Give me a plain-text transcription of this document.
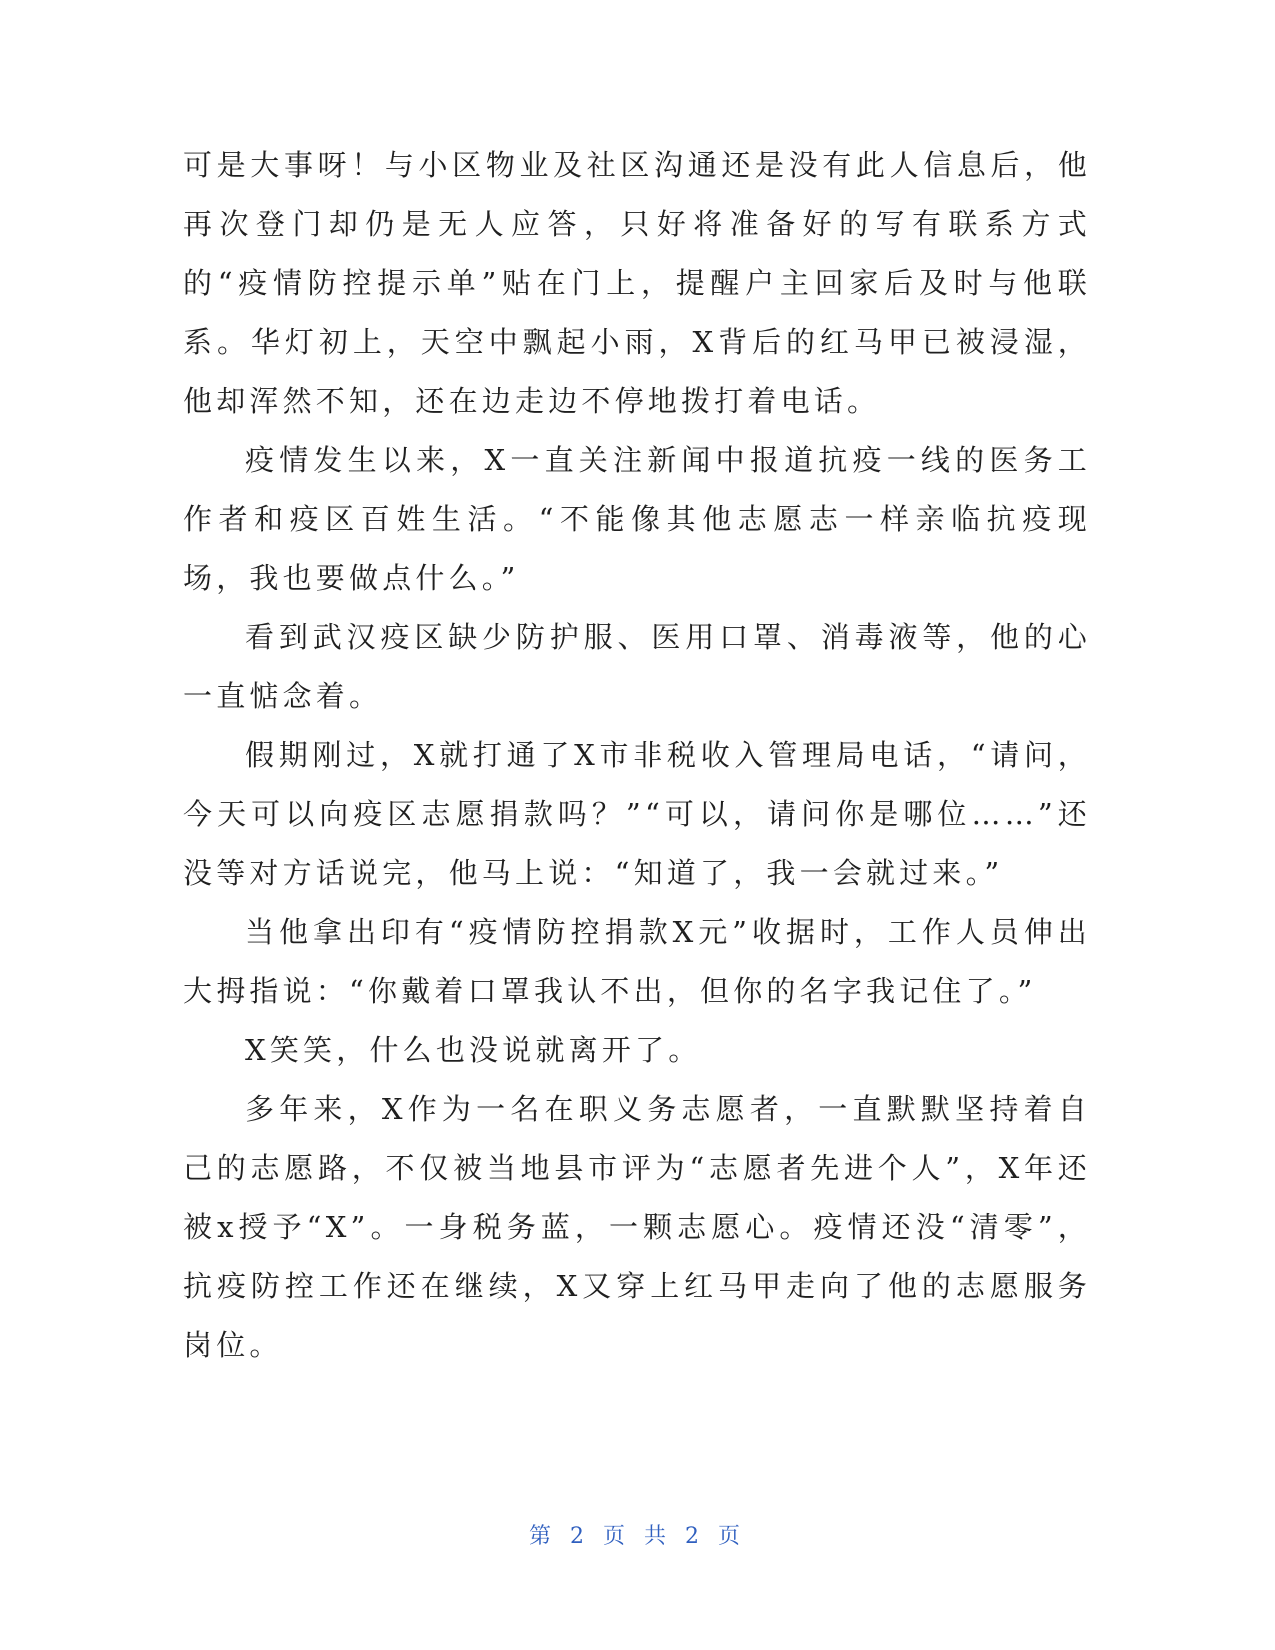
可是大事呀！与小区物业及社区沟通还是没有此人信息后，他再次登门却仍是无人应答，只好将准备好的写有联系方式的“疫情防控提示单”贴在门上，提醒户主回家后及时与他联系。华灯初上，天空中飘起小雨，X背后的红马甲已被浸湿，他却浑然不知，还在边走边不停地拨打着电话。

疫情发生以来，X一直关注新闻中报道抗疫一线的医务工作者和疫区百姓生活。“不能像其他志愿志一样亲临抗疫现场，我也要做点什么。”

看到武汉疫区缺少防护服、医用口罩、消毒液等，他的心一直惦念着。

假期刚过，X就打通了X市非税收入管理局电话，“请问，今天可以向疫区志愿捐款吗？”“可以，请问你是哪位……”还没等对方话说完，他马上说：“知道了，我一会就过来。”

当他拿出印有“疫情防控捐款X元”收据时，工作人员伸出大拇指说：“你戴着口罩我认不出，但你的名字我记住了。”

X笑笑，什么也没说就离开了。

多年来，X作为一名在职义务志愿者，一直默默坚持着自己的志愿路，不仅被当地县市评为“志愿者先进个人”，X年还被x授予“X”。一身税务蓝，一颗志愿心。疫情还没“清零”，抗疫防控工作还在继续，X又穿上红马甲走向了他的志愿服务岗位。

第 2 页 共 2 页
